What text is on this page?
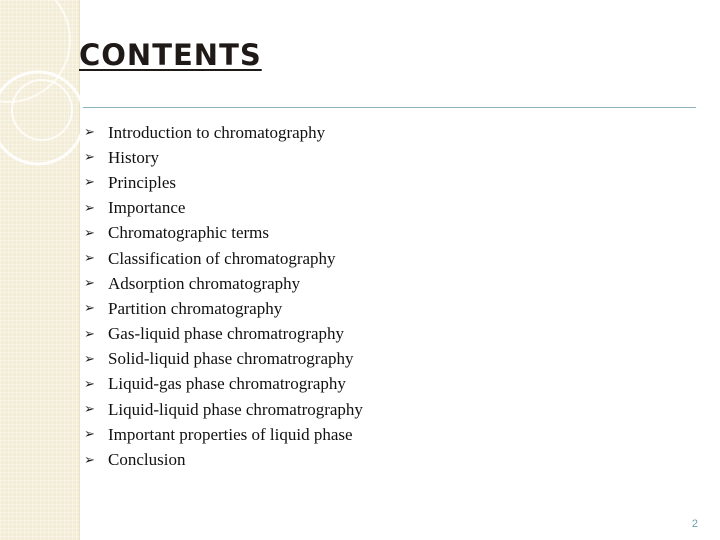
CONTENTS
➢ Introduction to chromatography
➢ History
➢ Principles
➢ Importance
➢ Chromatographic terms
➢ Classification of chromatography
➢ Adsorption chromatography
➢ Partition chromatography
➢ Gas-liquid phase chromatrography
➢ Solid-liquid phase chromatrography
➢ Liquid-gas phase chromatrography
➢ Liquid-liquid phase chromatrography
➢ Important properties of liquid phase
➢ Conclusion
2
